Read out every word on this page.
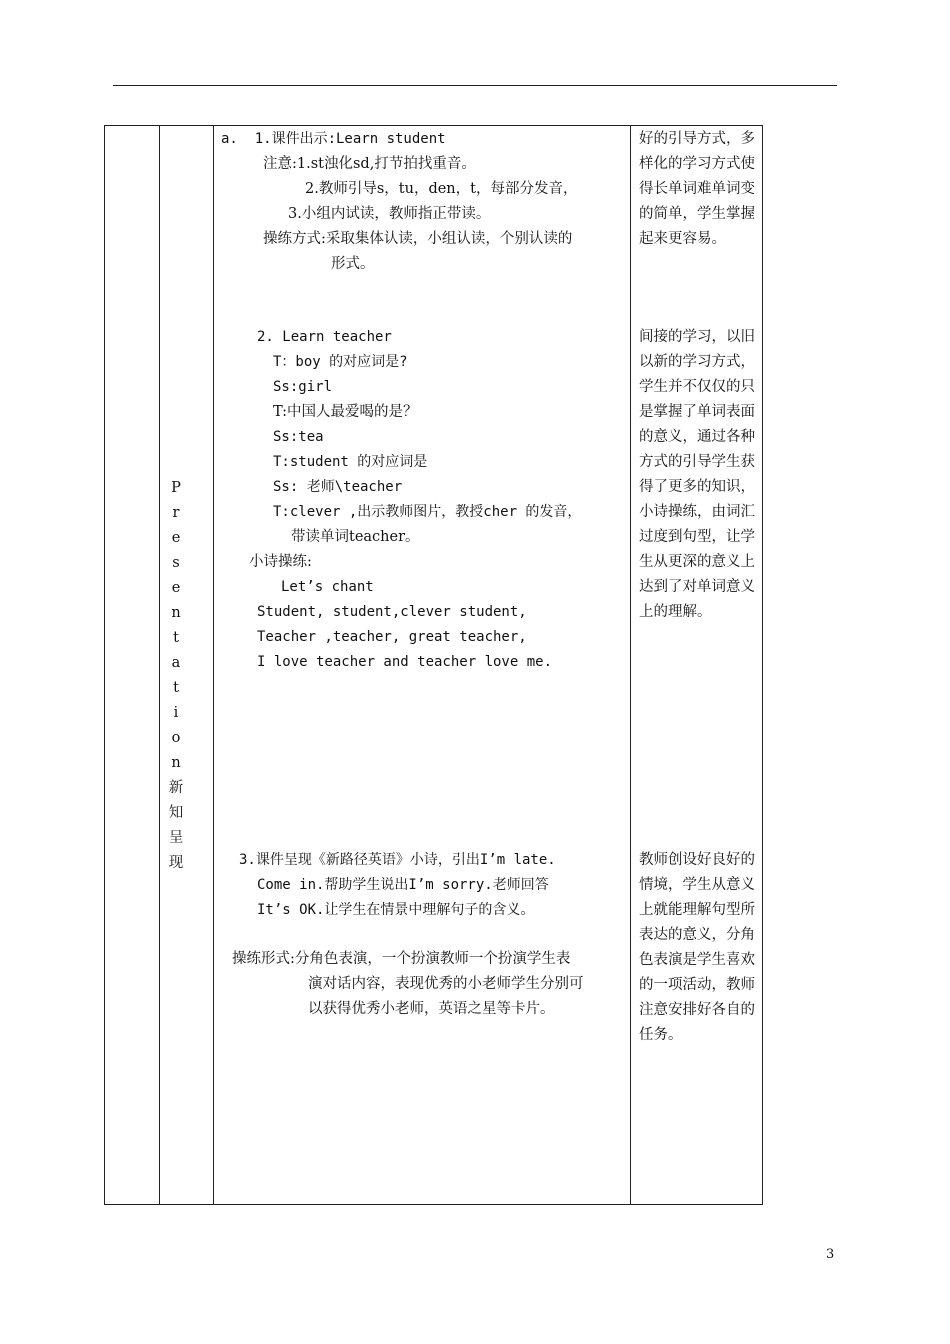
P
r
e
s
e
n
t
a
t
i
o
n
新
知
呈
现
a.  1.课件出示:Learn student
注意:1.st浊化sd,打节拍找重音。
2.教师引导s，tu，den，t，每部分发音，
3.小组内试读，教师指正带读。
操练方式:采取集体认读，小组认读，个别认读的
形式。
2. Learn teacher
T：boy 的对应词是?
Ss:girl
T:中国人最爱喝的是？
Ss:tea
T:student 的对应词是
Ss: 老师\teacher
T:clever ,出示教师图片，教授cher 的发音，
带读单词teacher。
小诗操练:
Let’s chant
Student, student,clever student,
Teacher ,teacher, great teacher,
I love teacher and teacher love me.
3.课件呈现《新路径英语》小诗，引出I’m late.
Come in.帮助学生说出I’m sorry.老师回答
It’s OK.让学生在情景中理解句子的含义。
操练形式:分角色表演，一个扮演教师一个扮演学生表
演对话内容，表现优秀的小老师学生分别可
以获得优秀小老师，英语之星等卡片。
好的引导方式，多样化的学习方式使得长单词难单词变的简单，学生掌握起来更容易。
间接的学习，以旧以新的学习方式，学生并不仅仅的只是掌握了单词表面的意义，通过各种方式的引导学生获得了更多的知识，小诗操练，由词汇过度到句型，让学生从更深的意义上达到了对单词意义上的理解。
教师创设好良好的情境，学生从意义上就能理解句型所表达的意义，分角色表演是学生喜欢的一项活动，教师注意安排好各自的任务。
3
